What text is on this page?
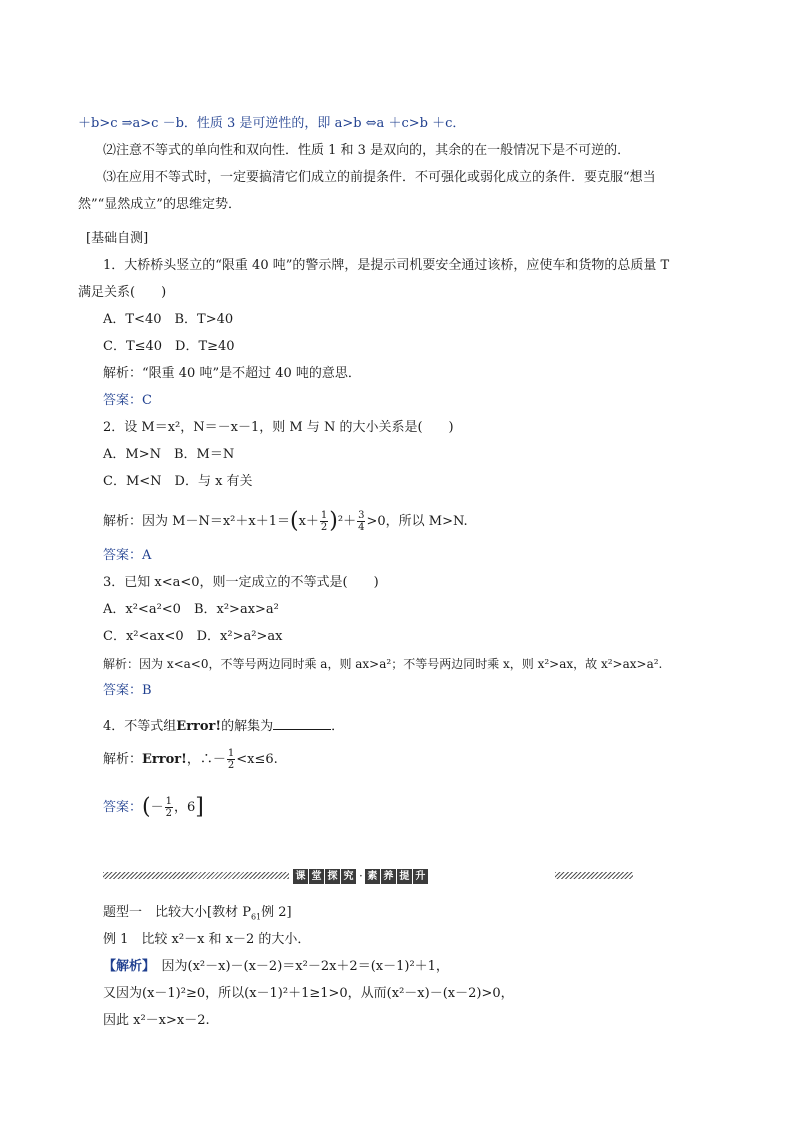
＋b>c ⇒a>c －b．性质 3 是可逆性的，即 a>b ⇔a ＋c>b ＋c．
⑵注意不等式的单向性和双向性．性质 1 和 3 是双向的，其余的在一般情况下是不可逆的．
⑶在应用不等式时，一定要搞清它们成立的前提条件．不可强化或弱化成立的条件．要克服“想当
然”“显然成立”的思维定势．
[基础自测]
1．大桥桥头竖立的“限重 40 吨”的警示牌，是提示司机要安全通过该桥，应使车和货物的总质量 T
满足关系(　　)
A．T<40　B．T>40
C．T≤40　D．T≥40
解析：“限重 40 吨”是不超过 40 吨的意思．
答案：C
2．设 M＝x²，N＝－x－1，则 M 与 N 的大小关系是(　　)
A．M>N　B．M＝N
C．M<N　D．与 x 有关
解析：因为 $M-N=x^2+x+1=(x+ \frac{1}{2} )^2+ \frac{3}{4} >0$，所以 M>N.
答案：A
3．已知 x<a<0，则一定成立的不等式是(　　)
A．x²<a²<0　B．x²>ax>a²
C．x²<ax<0　D．x²>a²>ax
解析：因为 x<a<0，不等号两边同时乘 a，则 ax>a²；不等号两边同时乘 x，则 x²>ax，故 x²>ax>a².
答案：B
4．不等式组Error!的解集为	．
解析：Error!，∴－ $\frac{1}{2} <x\le 6$.
答案：(－ $\frac{1}{2}$ ，6]
课 堂 探 究 · 素 养 提 升
题型一　比较大小[教材 $P_{61}$例 2]
例 1　比较 x²－x 和 x－2 的大小．
【解析】　因为(x²－x)－(x－2)＝x²－2x＋2＝(x－1)²＋1，
又因为(x－1)²≥0，所以(x－1)²＋1≥1>0，从而(x²－x)－(x－2)>0，
因此 x²－x>x－2.
